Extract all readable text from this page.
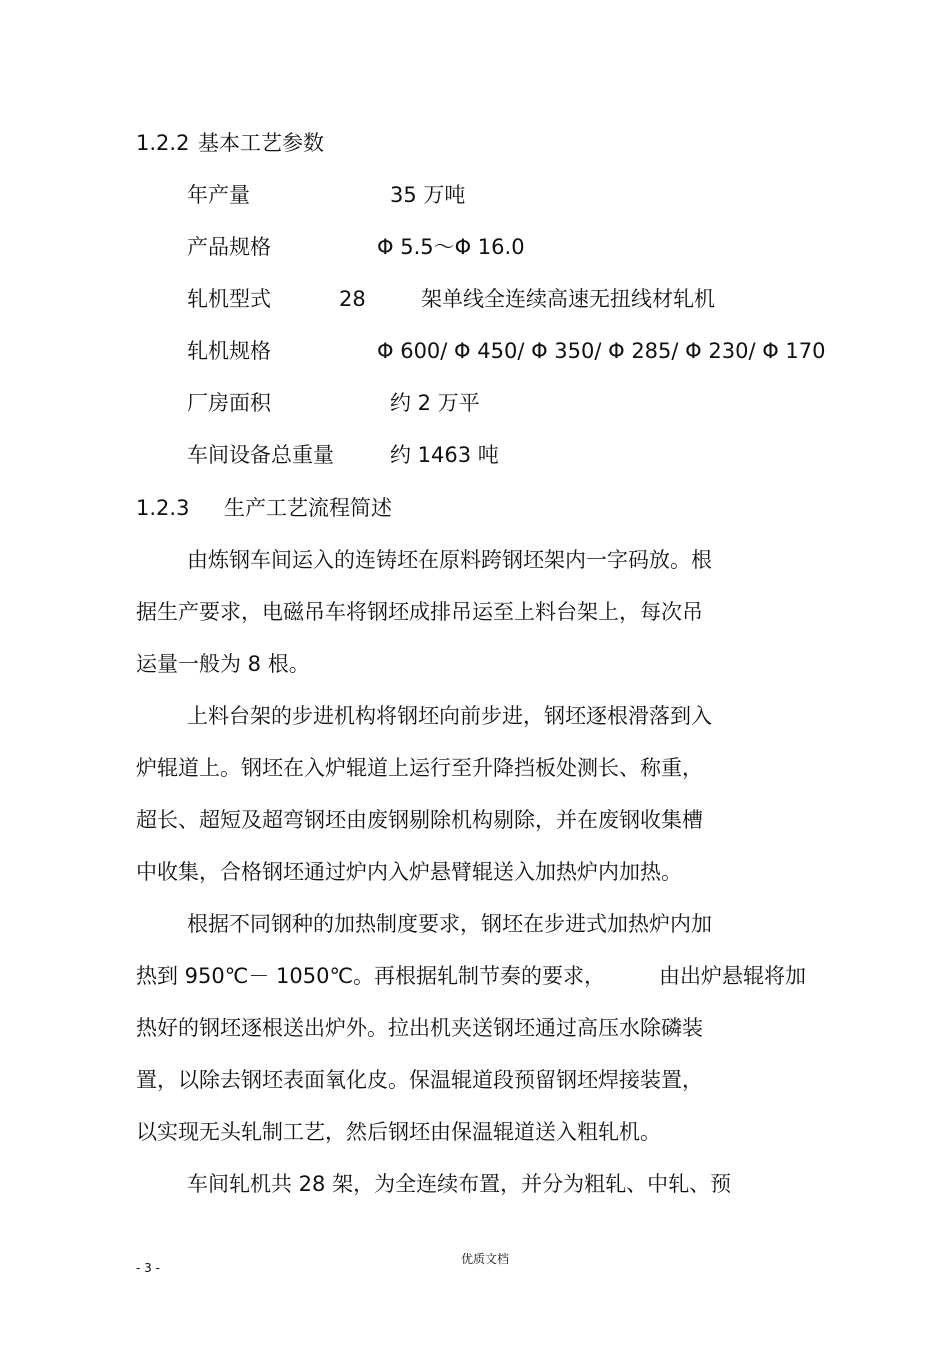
1.2.2 基本工艺参数
年产量	35 万吨
产品规格	Φ 5.5～Φ 16.0
轧机型式	28	架单线全连续高速无扭线材轧机
轧机规格	Φ 600/ Φ 450/ Φ 350/ Φ 285/ Φ 230/ Φ 170
厂房面积	约 2 万平
车间设备总重量	约 1463 吨
1.2.3 生产工艺流程简述
由炼钢车间运入的连铸坯在原料跨钢坯架内一字码放。根
据生产要求，电磁吊车将钢坯成排吊运至上料台架上，每次吊
运量一般为 8 根。
上料台架的步进机构将钢坯向前步进，钢坯逐根滑落到入
炉辊道上。钢坯在入炉辊道上运行至升降挡板处测长、称重，
超长、超短及超弯钢坯由废钢剔除机构剔除，并在废钢收集槽
中收集，合格钢坯通过炉内入炉悬臂辊送入加热炉内加热。
根据不同钢种的加热制度要求，钢坯在步进式加热炉内加
热到 950℃－ 1050℃。再根据轧制节奏的要求，	由出炉悬辊将加
热好的钢坯逐根送出炉外。拉出机夹送钢坯通过高压水除磷装
置，以除去钢坯表面氧化皮。保温辊道段预留钢坯焊接装置，
以实现无头轧制工艺，然后钢坯由保温辊道送入粗轧机。
车间轧机共 28 架，为全连续布置，并分为粗轧、中轧、预
优质文档
- 3 -
